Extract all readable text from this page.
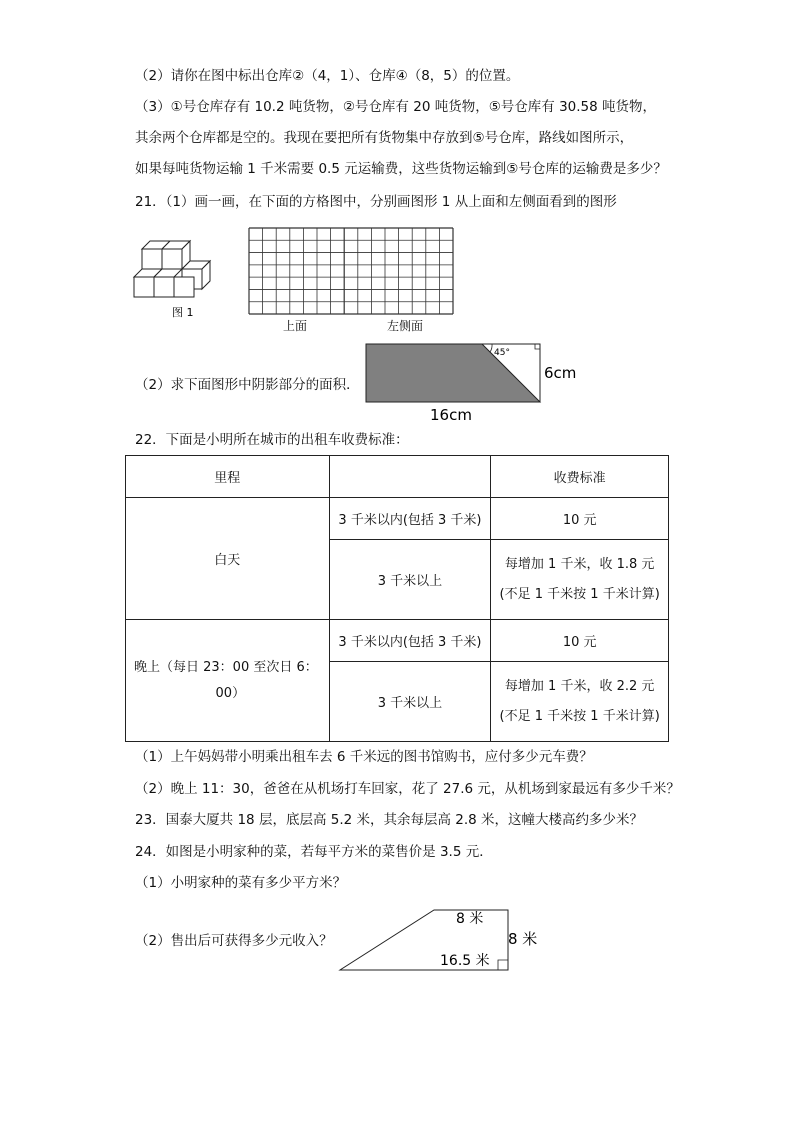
（2）请你在图中标出仓库②（4，1）、仓库④（8，5）的位置。
（3）①号仓库存有 10.2 吨货物，②号仓库有 20 吨货物，⑤号仓库有 30.58 吨货物，
其余两个仓库都是空的。我现在要把所有货物集中存放到⑤号仓库，路线如图所示，
如果每吨货物运输 1 千米需要 0.5 元运输费，这些货物运输到⑤号仓库的运输费是多少？
21．（1）画一画，在下面的方格图中，分别画图形 1 从上面和左侧面看到的图形
图 1
上面	左侧面
（2）求下面图形中阴影部分的面积．
45°
6cm
16cm
22．下面是小明所在城市的出租车收费标准：
里程		收费标准
白天	3 千米以内(包括 3 千米)	10 元
	3 千米以上	每增加 1 千米，收 1.8 元
(不足 1 千米按 1 千米计算)

晚上（每日 23：00 至次日 6：
00）	3 千米以内(包括 3 千米)	10 元
	3 千米以上	每增加 1 千米，收 2.2 元
(不足 1 千米按 1 千米计算)
（1）上午妈妈带小明乘出租车去 6 千米远的图书馆购书，应付多少元车费？
（2）晚上 11：30，爸爸在从机场打车回家，花了 27.6 元，从机场到家最远有多少千米？
23．国泰大厦共 18 层，底层高 5.2 米，其余每层高 2.8 米，这幢大楼高约多少米？
24．如图是小明家种的菜，若每平方米的菜售价是 3.5 元．
（1）小明家种的菜有多少平方米？
（2）售出后可获得多少元收入？
8 米
8 米
16.5 米
